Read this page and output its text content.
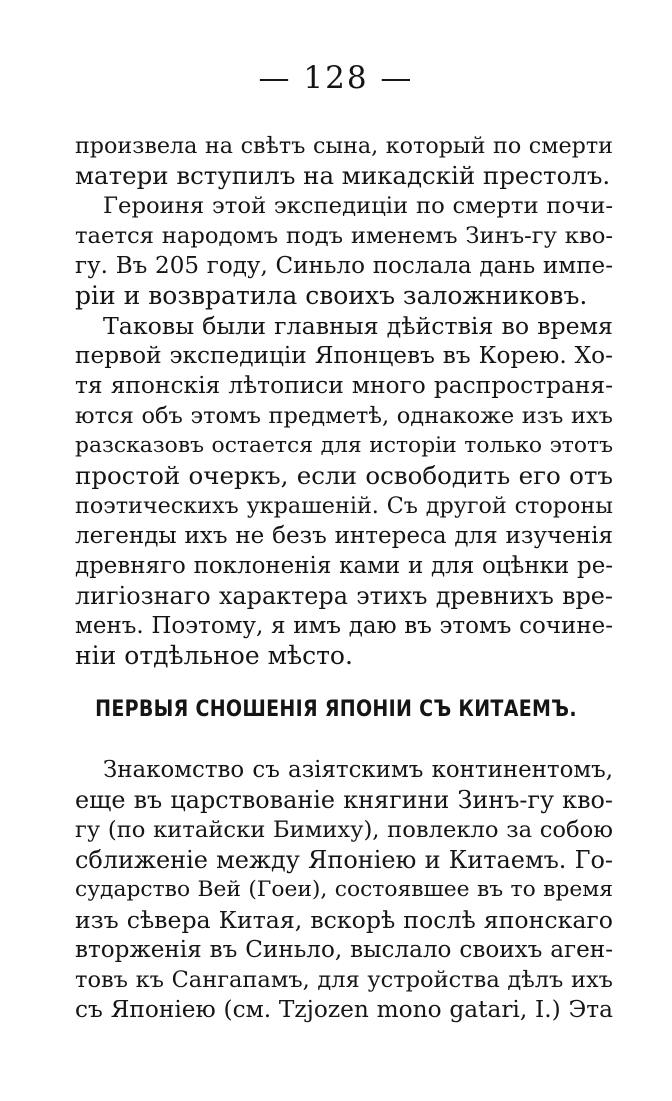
— 128 —
произвела на свѣтъ сына, который по смерти
матери вступилъ на микадскій престолъ.
Героиня этой экспедиціи по смерти почи-
тается народомъ подъ именемъ Зинъ-гу кво-
гу. Въ 205 году, Синьло послала дань импе-
ріи и возвратила своихъ заложниковъ.
Таковы были главныя дѣйствія во время
первой экспедиціи Японцевъ въ Корею. Хо-
тя японскія лѣтописи много распространя-
ются объ этомъ предметѣ, однакоже изъ ихъ
разсказовъ остается для исторіи только этотъ
простой очеркъ, если освободить его отъ
поэтическихъ украшеній. Съ другой стороны
легенды ихъ не безъ интереса для изученія
древняго поклоненія ками и для оцѣнки ре-
лигіознаго характера этихъ древнихъ вре-
менъ. Поэтому, я имъ даю въ этомъ сочине-
ніи отдѣльное мѣсто.
ПЕРВЫЯ СНОШЕНІЯ ЯПОНІИ СЪ КИТАЕМЪ.
Знакомство съ азіятскимъ континентомъ,
еще въ царствованіе княгини Зинъ-гу кво-
гу (по китайски Бимиху), повлекло за собою
сближеніе между Японіею и Китаемъ. Го-
сударство Вей (Гоеи), состоявшее въ то время
изъ сѣвера Китая, вскорѣ послѣ японскаго
вторженія въ Синьло, выслало своихъ аген-
товъ къ Сангапамъ, для устройства дѣлъ ихъ
съ Японіею (см. Tzjozen mono gatari, I.) Эта
